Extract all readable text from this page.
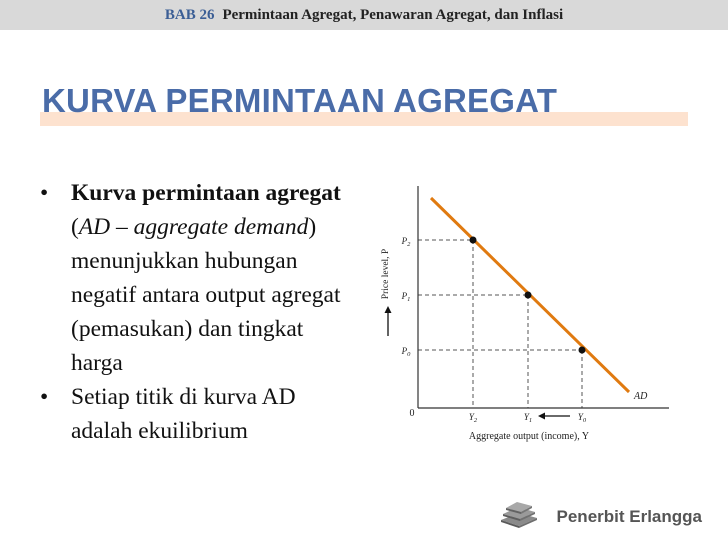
BAB 26 Permintaan Agregat, Penawaran Agregat, dan Inflasi
KURVA PERMINTAAN AGREGAT
• Kurva permintaan agregat (AD – aggregate demand) menunjukkan hubungan negatif antara output agregat (pemasukan) dan tingkat harga
• Setiap titik di kurva AD adalah ekuilibrium
AD
$P_2$
$P_1$
$P_0$
0	$Y_2$	$Y_1$	$Y_0$
Price level, P
Aggregate output (income), Y
Penerbit Erlangga
